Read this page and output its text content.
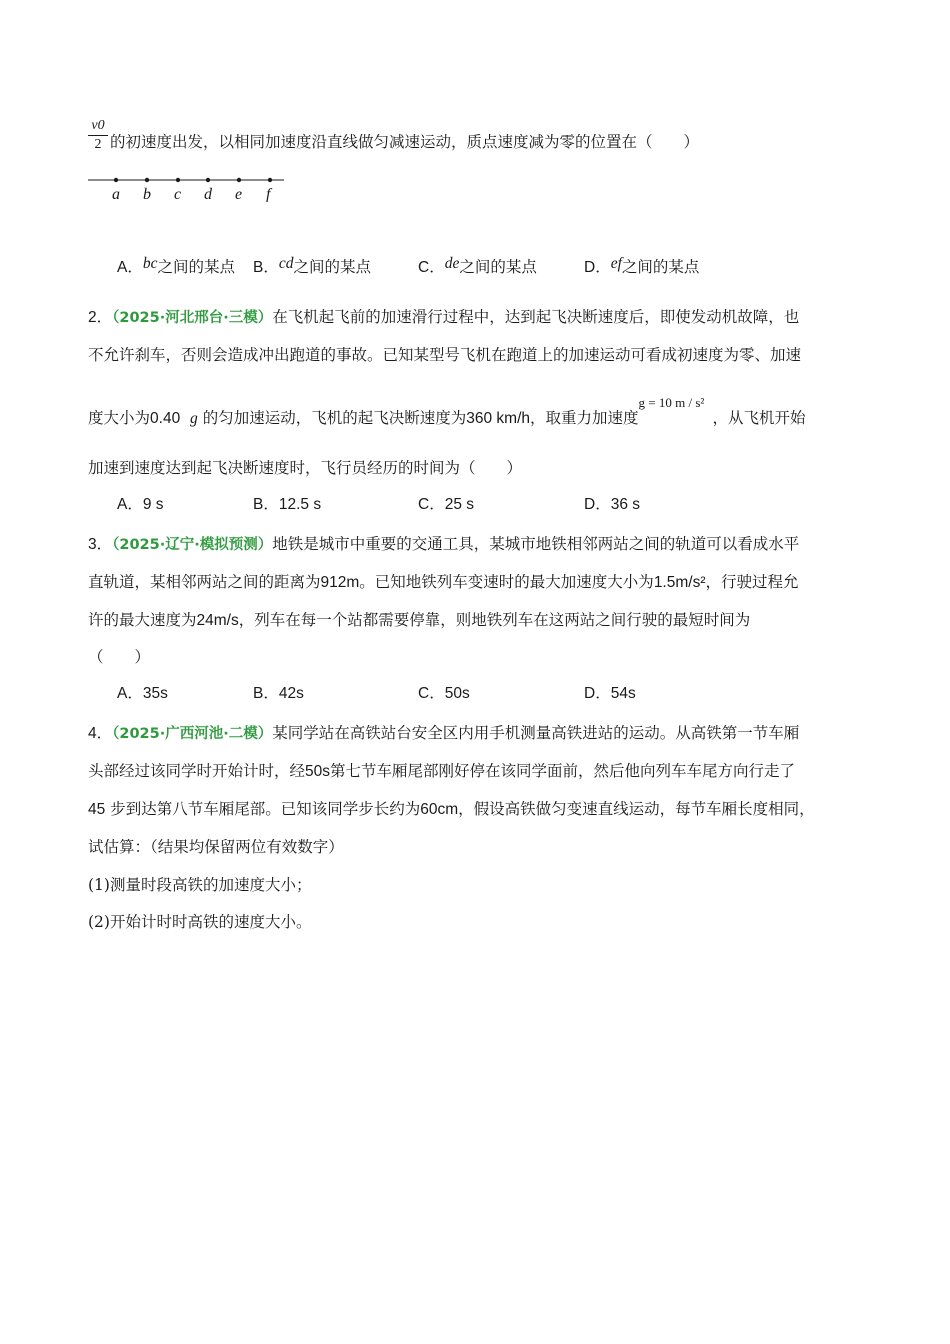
v0
2 的初速度出发，以相同加速度沿直线做匀减速运动，质点速度减为零的位置在（　　）
a b c d e f
A．bc之间的某点 B．cd之间的某点	C．de之间的某点	D．ef之间的某点
2．（2025·河北邢台·三模）在飞机起飞前的加速滑行过程中，达到起飞决断速度后，即使发动机故障，也
不允许刹车，否则会造成冲出跑道的事故。已知某型号飞机在跑道上的加速运动可看成初速度为零、加速
度大小为0.40 g 的匀加速运动，飞机的起飞决断速度为360 km/h，取重力加速度g = 10 m / s²，从飞机开始
加速到速度达到起飞决断速度时，飞行员经历的时间为（　　）
A．9 s	B．12.5 s	C．25 s	D．36 s
3．（2025·辽宁·模拟预测）地铁是城市中重要的交通工具，某城市地铁相邻两站之间的轨道可以看成水平
直轨道，某相邻两站之间的距离为912m。已知地铁列车变速时的最大加速度大小为1.5m/s²，行驶过程允
许的最大速度为24m/s，列车在每一个站都需要停靠，则地铁列车在这两站之间行驶的最短时间为
（　　）
A．35s	B．42s	C．50s	D．54s
4．（2025·广西河池·二模）某同学站在高铁站台安全区内用手机测量高铁进站的运动。从高铁第一节车厢
头部经过该同学时开始计时，经50s第七节车厢尾部刚好停在该同学面前，然后他向列车车尾方向行走了
45 步到达第八节车厢尾部。已知该同学步长约为60cm，假设高铁做匀变速直线运动，每节车厢长度相同，
试估算：（结果均保留两位有效数字）
(1)测量时段高铁的加速度大小；
(2)开始计时时高铁的速度大小。
